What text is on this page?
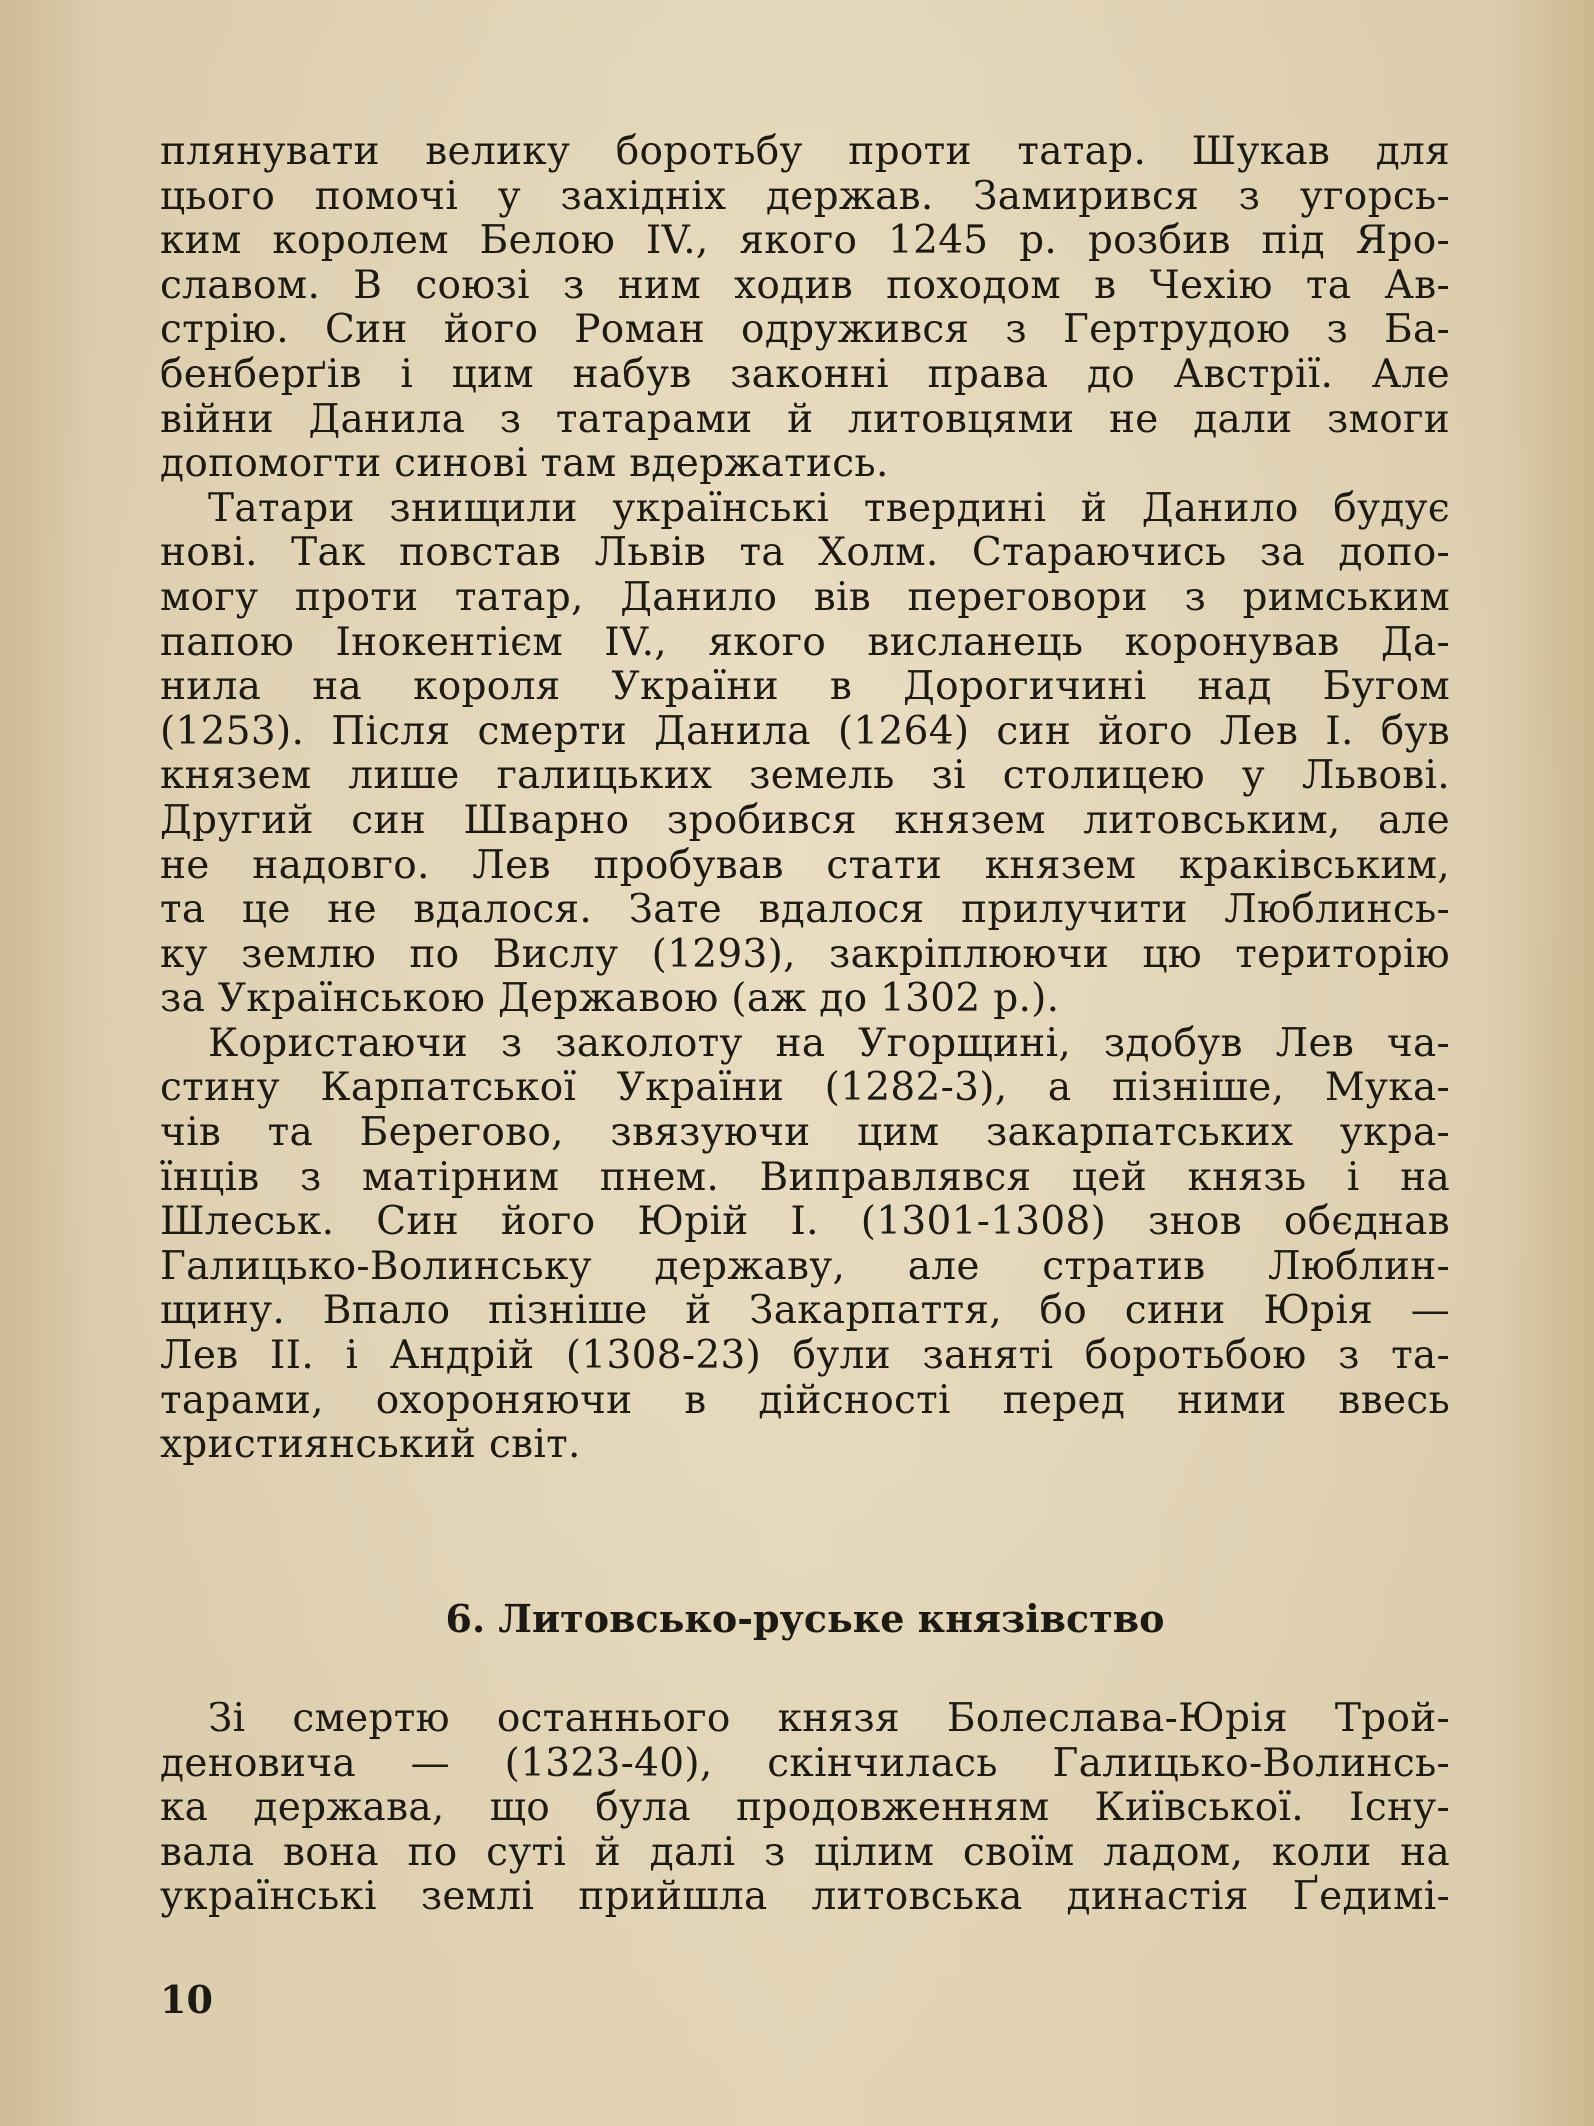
плянувати велику боротьбу проти татар. Шукав для
цього помочі у західніх держав. Замирився з угорсь-
ким королем Белою IV., якого 1245 р. розбив під Яро-
славом. В союзі з ним ходив походом в Чехію та Ав-
стрію. Син його Роман одружився з Гертрудою з Ба-
бенберґів і цим набув законні права до Австрії. Але
війни Данила з татарами й литовцями не дали змоги
допомогти синові там вдержатись.
Татари знищили українські твердині й Данило будує
нові. Так повстав Львів та Холм. Стараючись за допо-
могу проти татар, Данило вів переговори з римським
папою Інокентієм IV., якого висланець коронував Да-
нила на короля України в Дорогичині над Бугом
(1253). Після смерти Данила (1264) син його Лев І. був
князем лише галицьких земель зі столицею у Львові.
Другий син Шварно зробився князем литовським, але
не надовго. Лев пробував стати князем краківським,
та це не вдалося. Зате вдалося прилучити Люблинсь-
ку землю по Вислу (1293), закріплюючи цю територію
за Українською Державою (аж до 1302 р.).
Користаючи з заколоту на Угорщині, здобув Лев ча-
стину Карпатської України (1282-3), а пізніше, Мука-
чів та Берегово, звязуючи цим закарпатських укра-
їнців з матірним пнем. Виправлявся цей князь і на
Шлеськ. Син його Юрій І. (1301-1308) знов обєднав
Галицько-Волинську державу, але стратив Люблин-
щину. Впало пізніше й Закарпаття, бо сини Юрія —
Лев II. і Андрій (1308-23) були заняті боротьбою з та-
тарами, охороняючи в дійсності перед ними ввесь
християнський світ.
6. Литовсько-руське князівство
Зі смертю останнього князя Болеслава-Юрія Трой-
деновича — (1323-40), скінчилась Галицько-Волинсь-
ка держава, що була продовженням Київської. Існу-
вала вона по суті й далі з цілим своїм ладом, коли на
українські землі прийшла литовська династія Ґедимі-
10
